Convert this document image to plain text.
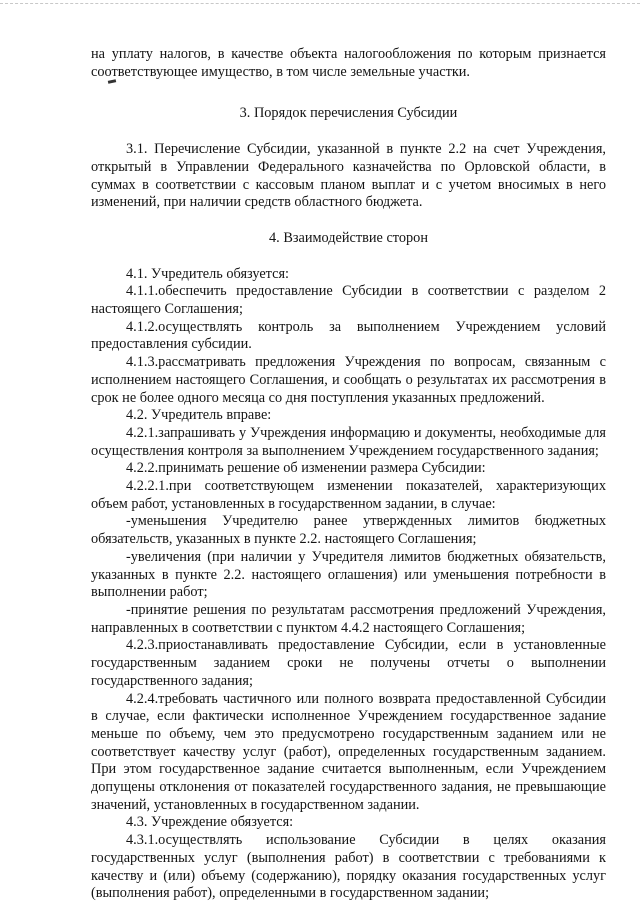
на уплату налогов, в качестве объекта налогообложения по которым признается соответствующее имущество, в том числе земельные участки.

3. Порядок перечисления Субсидии

3.1. Перечисление Субсидии, указанной в пункте 2.2 на счет Учреждения, открытый в Управлении Федерального казначейства по Орловской области, в суммах в соответствии с кассовым планом выплат и с учетом вносимых в него изменений, при наличии средств областного бюджета.

4. Взаимодействие сторон

4.1. Учредитель обязуется:

4.1.1.обеспечить предоставление Субсидии в соответствии с разделом 2 настоящего Соглашения;

4.1.2.осуществлять контроль за выполнением Учреждением условий предоставления субсидии.

4.1.3.рассматривать предложения Учреждения по вопросам, связанным с исполнением настоящего Соглашения, и сообщать о результатах их рассмотрения в срок не более одного месяца со дня поступления указанных предложений.

4.2. Учредитель вправе:

4.2.1.запрашивать у Учреждения информацию и документы, необходимые для осуществления контроля за выполнением Учреждением государственного задания;

4.2.2.принимать решение об изменении размера Субсидии:

4.2.2.1.при соответствующем изменении показателей, характеризующих объем работ, установленных в государственном задании, в случае:

-уменьшения Учредителю ранее утвержденных лимитов бюджетных обязательств, указанных в пункте 2.2. настоящего Соглашения;

-увеличения (при наличии у Учредителя лимитов бюджетных обязательств, указанных в пункте 2.2. настоящего оглашения) или уменьшения потребности в выполнении работ;

-принятие решения по результатам рассмотрения предложений Учреждения, направленных в соответствии с пунктом 4.4.2 настоящего Соглашения;

4.2.3.приостанавливать предоставление Субсидии, если в установленные государственным заданием сроки не получены отчеты о выполнении государственного задания;

4.2.4.требовать частичного или полного возврата предоставленной Субсидии в случае, если фактически исполненное Учреждением государственное задание меньше по объему, чем это предусмотрено государственным заданием или не соответствует качеству услуг (работ), определенных государственным заданием. При этом государственное задание считается выполненным, если Учреждением допущены отклонения от показателей государственного задания, не превышающие значений, установленных в государственном задании.

4.3. Учреждение обязуется:

4.3.1.осуществлять использование Субсидии в целях оказания государственных услуг (выполнения работ) в соответствии с требованиями к качеству и (или) объему (содержанию), порядку оказания государственных услуг (выполнения работ), определенными в государственном задании;
